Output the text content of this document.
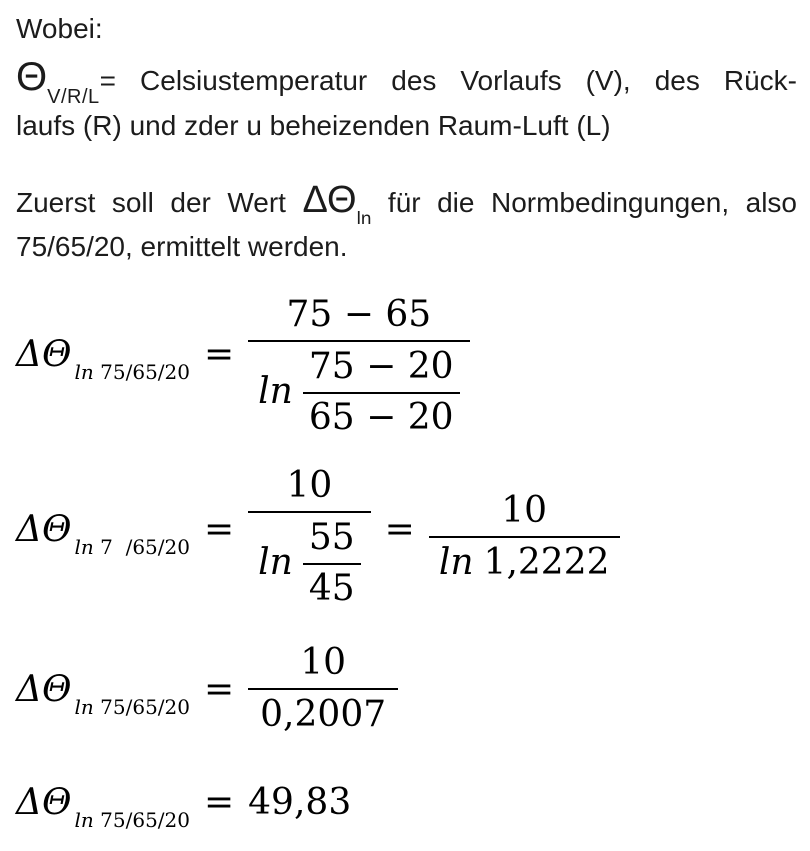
Wobei:
$\Theta_{V/R/L}=$ Celsiustemperatur des Vorlaufs (V), des Rück-
laufs (R) und zder u beheizenden Raum-Luft (L)
Zuerst soll der Wert $\Delta\Theta_{ln}$ für die Normbedingungen, also
75/65/20, ermittelt werden.
ΔΘ $_{ln 75/65/20} = \frac{75 - 65}{\ln \frac{75 - 20}{65 - 20}}$
ΔΘ $_{ln 7 /65/20} = \frac{10}{\ln \frac{55}{45}} = \frac{10}{\ln 1,2222}$
ΔΘ $_{ln 75/65/20} = \frac{10}{0,2007}$
ΔΘ $_{ln 75/65/20}$ = 49,83
